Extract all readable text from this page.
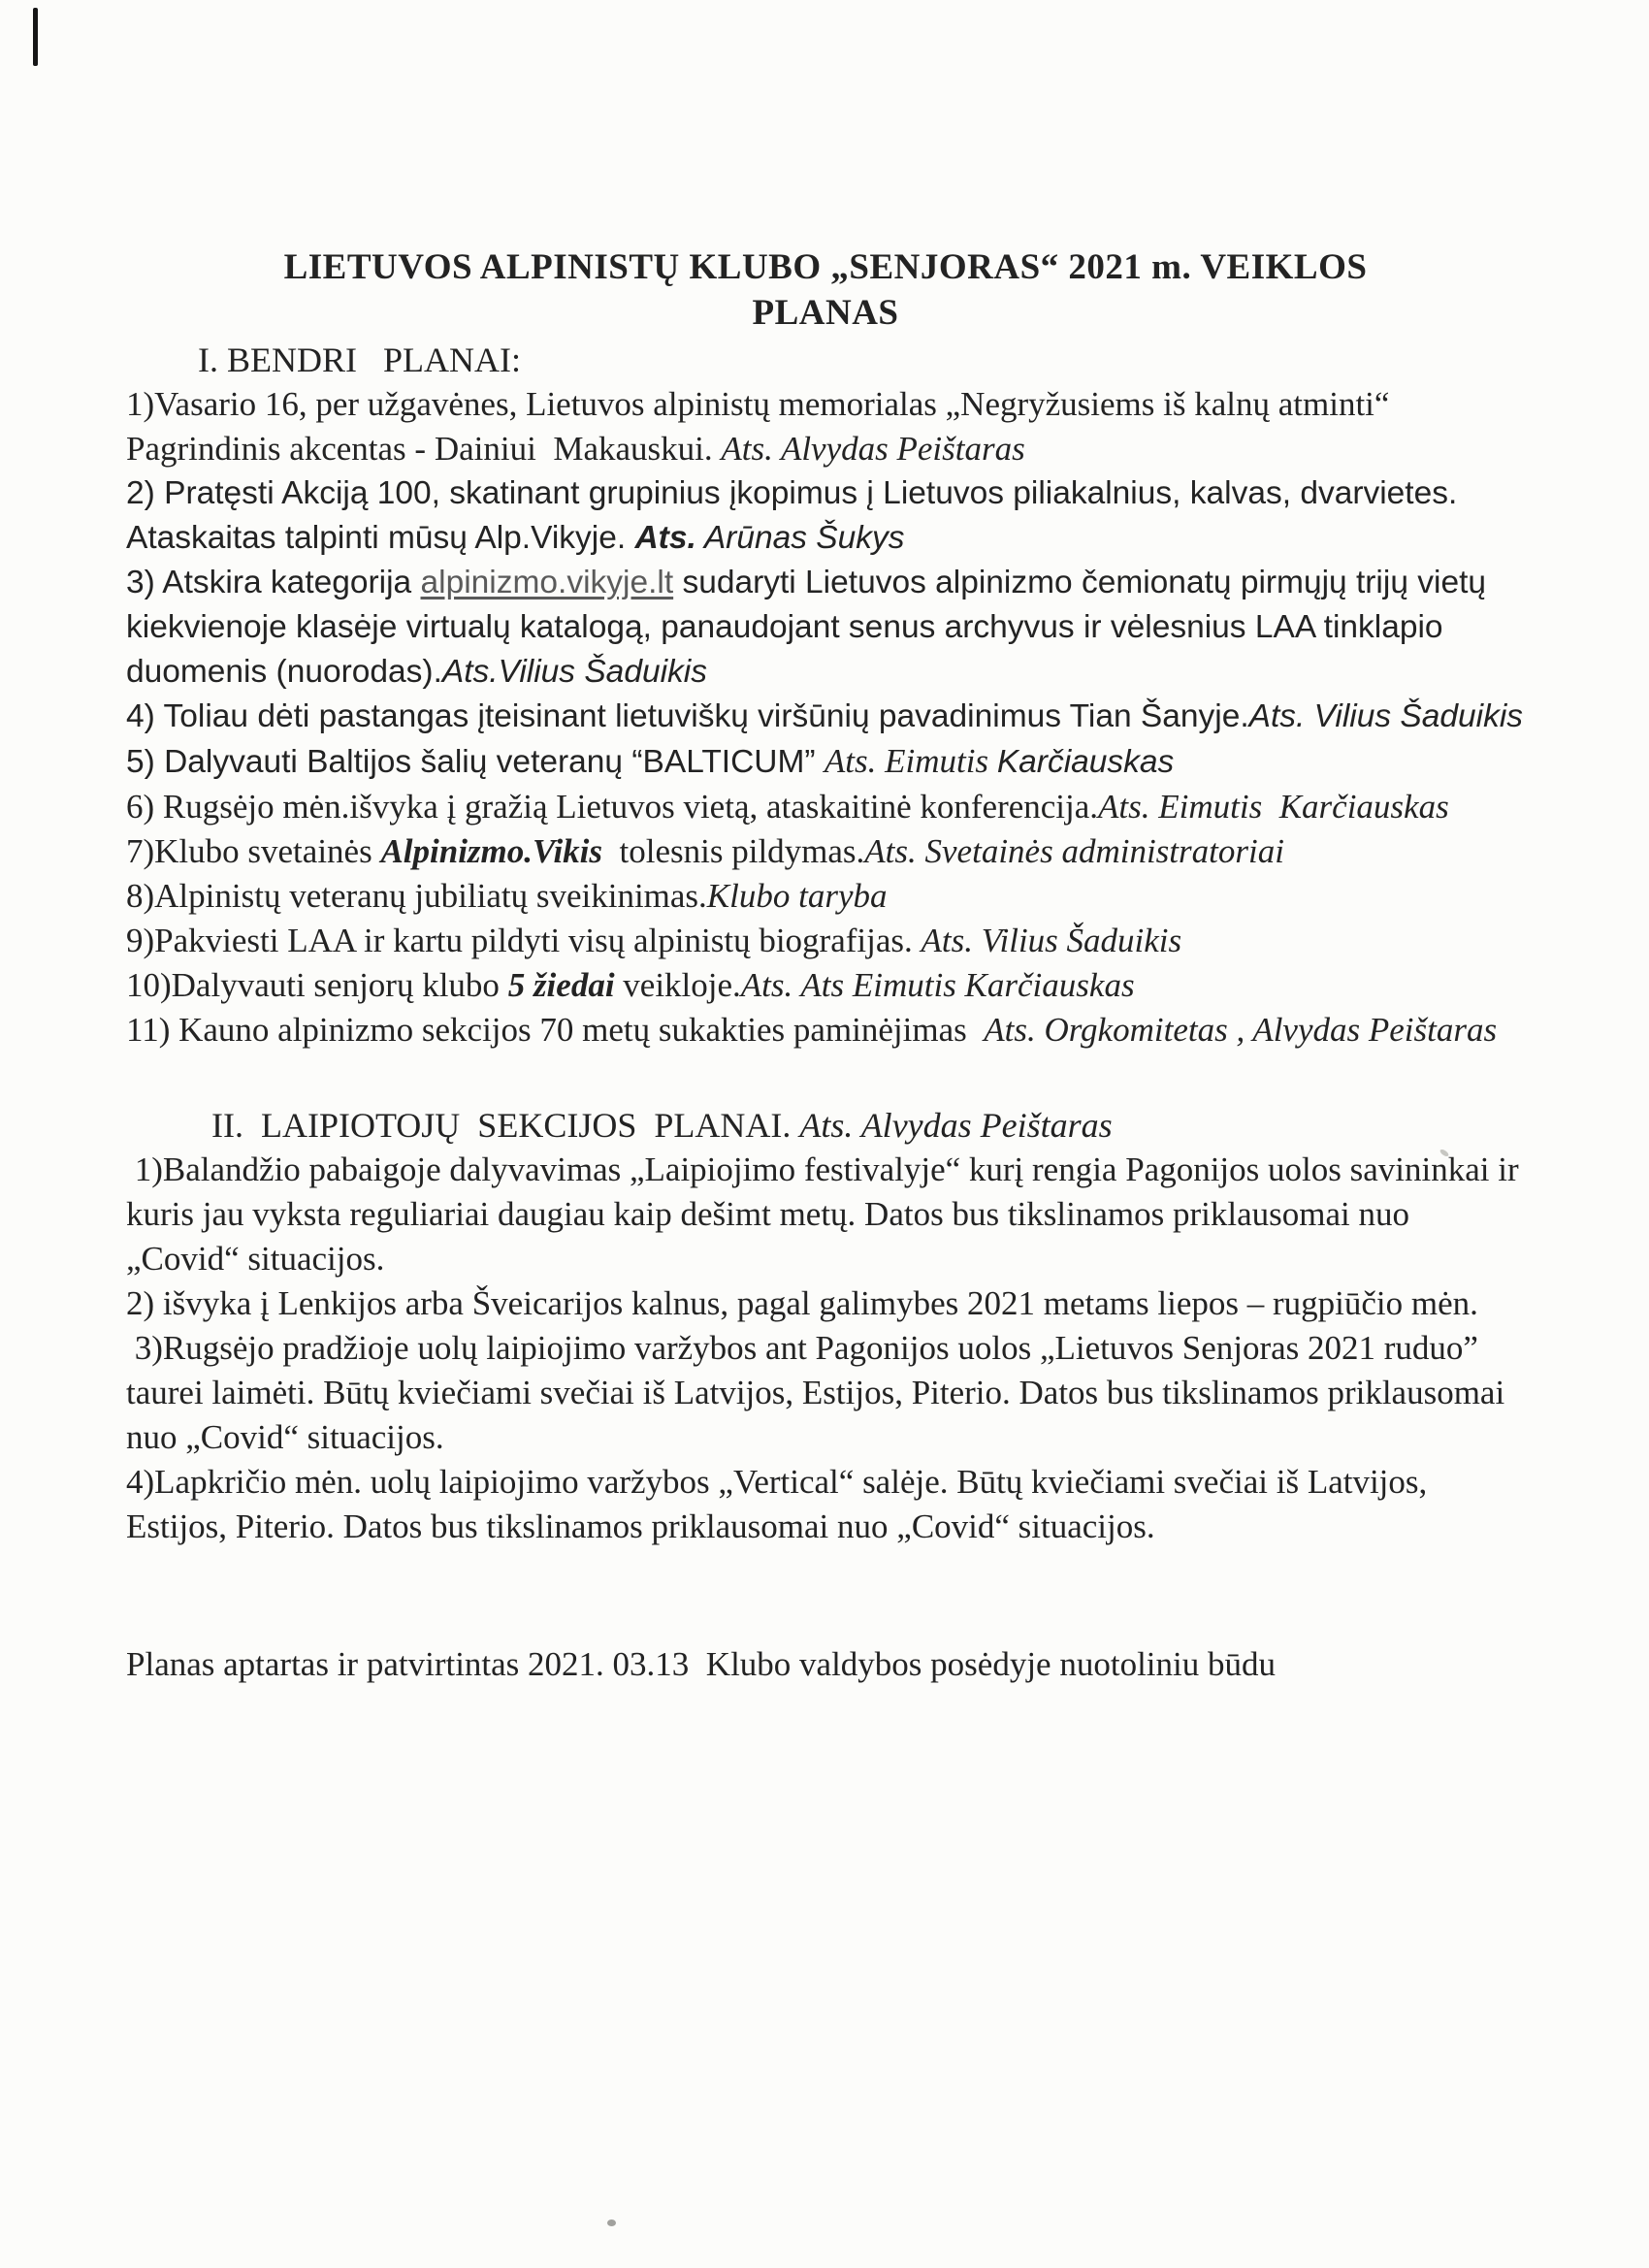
LIETUVOS ALPINISTŲ KLUBO „SENJORAS“ 2021 m. VEIKLOS
PLANAS

I. BENDRI   PLANAI:

1)Vasario 16, per užgavėnes, Lietuvos alpinistų memorialas „Negryžusiems iš kalnų atminti“ Pagrindinis akcentas - Dainiui  Makauskui. Ats. Alvydas Peištaras

2) Pratęsti Akciją 100, skatinant grupinius įkopimus į Lietuvos piliakalnius, kalvas, dvarvietes. Ataskaitas talpinti mūsų Alp.Vikyje. Ats. Arūnas Šukys

3) Atskira kategorija alpinizmo.vikyje.lt sudaryti Lietuvos alpinizmo čemionatų pirmųjų trijų vietų kiekvienoje klasėje virtualų katalogą, panaudojant senus archyvus ir vėlesnius LAA tinklapio duomenis (nuorodas).Ats.Vilius Šaduikis

4) Toliau dėti pastangas įteisinant lietuviškų viršūnių pavadinimus Tian Šanyje.Ats. Vilius Šaduikis

5) Dalyvauti Baltijos šalių veteranų “BALTICUM” Ats. Eimutis Karčiauskas

6) Rugsėjo mėn.išvyka į gražią Lietuvos vietą, ataskaitinė konferencija.Ats. Eimutis  Karčiauskas

7)Klubo svetainės Alpinizmo.Vikis  tolesnis pildymas.Ats. Svetainės administratoriai

8)Alpinistų veteranų jubiliatų sveikinimas.Klubo taryba

9)Pakviesti LAA ir kartu pildyti visų alpinistų biografijas. Ats. Vilius Šaduikis

10)Dalyvauti senjorų klubo 5 žiedai veikloje.Ats. Ats Eimutis Karčiauskas

11) Kauno alpinizmo sekcijos 70 metų sukakties paminėjimas  Ats. Orgkomitetas , Alvydas Peištaras

II.  LAIPIOTOJŲ  SEKCIJOS  PLANAI. Ats. Alvydas Peištaras

1)Balandžio pabaigoje dalyvavimas „Laipiojimo festivalyje“ kurį rengia Pagonijos uolos savininkai ir kuris jau vyksta reguliariai daugiau kaip dešimt metų. Datos bus tikslinamos priklausomai nuo „Covid“ situacijos.

2) išvyka į Lenkijos arba Šveicarijos kalnus, pagal galimybes 2021 metams liepos – rugpiūčio mėn.

3)Rugsėjo pradžioje uolų laipiojimo varžybos ant Pagonijos uolos „Lietuvos Senjoras 2021 ruduo” taurei laimėti. Būtų kviečiami svečiai iš Latvijos, Estijos, Piterio. Datos bus tikslinamos priklausomai nuo „Covid“ situacijos.

4)Lapkričio mėn. uolų laipiojimo varžybos „Vertical“ salėje. Būtų kviečiami svečiai iš Latvijos, Estijos, Piterio. Datos bus tikslinamos priklausomai nuo „Covid“ situacijos.

Planas aptartas ir patvirtintas 2021. 03.13  Klubo valdybos posėdyje nuotoliniu būdu
